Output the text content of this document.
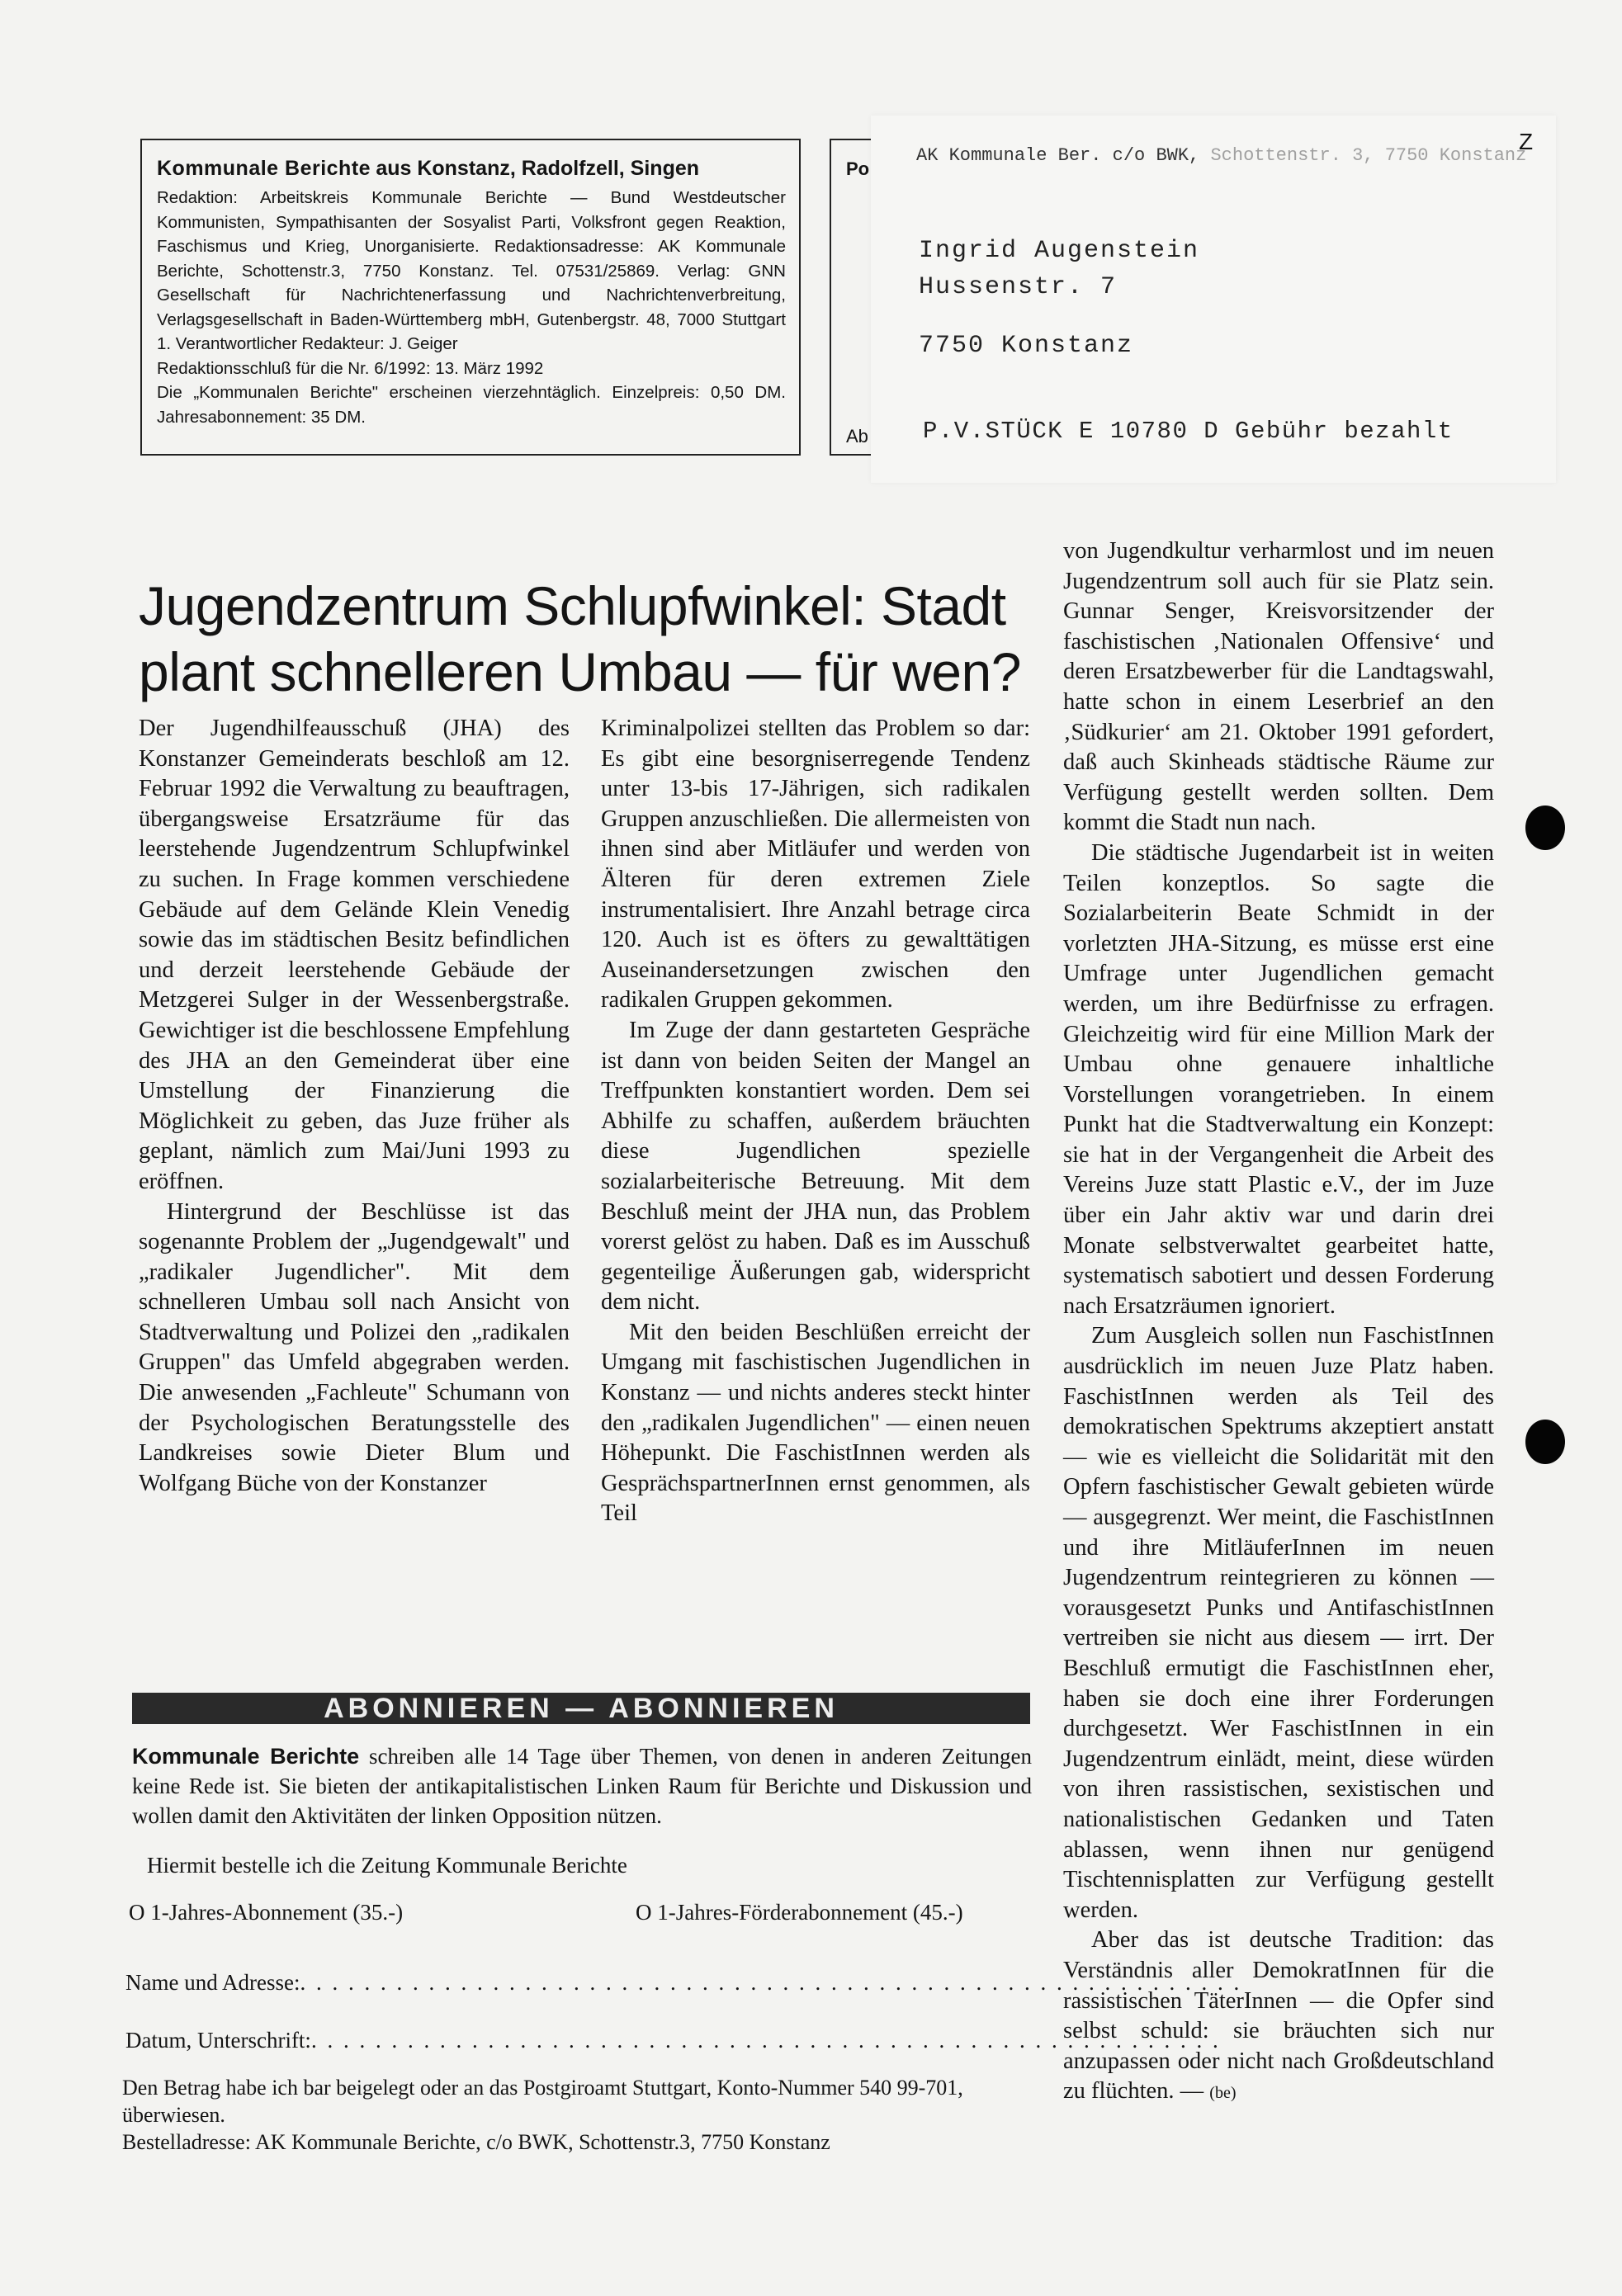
Kommunale Berichte aus Konstanz, Radolfzell, Singen
Redaktion: Arbeitskreis Kommunale Berichte — Bund Westdeutscher Kommunisten, Sympathisanten der Sosyalist Parti, Volksfront gegen Reaktion, Faschismus und Krieg, Unorganisierte. Redaktionsadresse: AK Kommunale Berichte, Schottenstr.3, 7750 Konstanz. Tel. 07531/25869. Verlag: GNN Gesellschaft für Nachrichtenerfassung und Nachrichtenverbreitung, Verlagsgesellschaft in Baden-Württemberg mbH, Gutenbergstr. 48, 7000 Stuttgart 1. Verantwortlicher Redakteur: J. Geiger
Redaktionsschluß für die Nr. 6/1992: 13. März 1992
Die „Kommunalen Berichte" erscheinen vierzehntäglich. Einzelpreis: 0,50 DM. Jahresabonnement: 35 DM.
Po
Ab
AK Kommunale Ber. c/o BWK, Schottenstr. 3, 7750 Konstanz
Z
Ingrid Augenstein
Hussenstr. 7
7750 Konstanz
P.V.STÜCK E 10780 D Gebühr bezahlt
Jugendzentrum Schlupfwinkel: Stadt plant schnelleren Umbau — für wen?

Der Jugendhilfeausschuß (JHA) des Konstanzer Gemeinderats beschloß am 12. Februar 1992 die Verwaltung zu beauftragen, übergangsweise Ersatzräume für das leerstehende Jugendzentrum Schlupfwinkel zu suchen. In Frage kommen verschiedene Gebäude auf dem Gelände Klein Venedig sowie das im städtischen Besitz befindlichen und derzeit leerstehende Gebäude der Metzgerei Sulger in der Wessenbergstraße. Gewichtiger ist die beschlossene Empfehlung des JHA an den Gemeinderat über eine Umstellung der Finanzierung die Möglichkeit zu geben, das Juze früher als geplant, nämlich zum Mai/Juni 1993 zu eröffnen.

Hintergrund der Beschlüsse ist das sogenannte Problem der „Jugendgewalt" und „radikaler Jugendlicher". Mit dem schnelleren Umbau soll nach Ansicht von Stadtverwaltung und Polizei den „radikalen Gruppen" das Umfeld abgegraben werden. Die anwesenden „Fachleute" Schumann von der Psychologischen Beratungsstelle des Landkreises sowie Dieter Blum und Wolfgang Büche von der Konstanzer

Kriminalpolizei stellten das Problem so dar: Es gibt eine besorgniserregende Tendenz unter 13-bis 17-Jährigen, sich radikalen Gruppen anzuschließen. Die allermeisten von ihnen sind aber Mitläufer und werden von Älteren für deren extremen Ziele instrumentalisiert. Ihre Anzahl betrage circa 120. Auch ist es öfters zu gewalttätigen Auseinandersetzungen zwischen den radikalen Gruppen gekommen.

Im Zuge der dann gestarteten Gespräche ist dann von beiden Seiten der Mangel an Treffpunkten konstantiert worden. Dem sei Abhilfe zu schaffen, außerdem bräuchten diese Jugendlichen spezielle sozialarbeiterische Betreuung. Mit dem Beschluß meint der JHA nun, das Problem vorerst gelöst zu haben. Daß es im Ausschuß gegenteilige Äußerungen gab, widerspricht dem nicht.

Mit den beiden Beschlüßen erreicht der Umgang mit faschistischen Jugendlichen in Konstanz — und nichts anderes steckt hinter den „radikalen Jugendlichen" — einen neuen Höhepunkt. Die FaschistInnen werden als GesprächspartnerInnen ernst genommen, als Teil

von Jugendkultur verharmlost und im neuen Jugendzentrum soll auch für sie Platz sein. Gunnar Senger, Kreisvorsitzender der faschistischen ‚Nationalen Offensive‘ und deren Ersatzbewerber für die Landtagswahl, hatte schon in einem Leserbrief an den ‚Südkurier‘ am 21. Oktober 1991 gefordert, daß auch Skinheads städtische Räume zur Verfügung gestellt werden sollten. Dem kommt die Stadt nun nach.

Die städtische Jugendarbeit ist in weiten Teilen konzeptlos. So sagte die Sozialarbeiterin Beate Schmidt in der vorletzten JHA-Sitzung, es müsse erst eine Umfrage unter Jugendlichen gemacht werden, um ihre Bedürfnisse zu erfragen. Gleichzeitig wird für eine Million Mark der Umbau ohne genauere inhaltliche Vorstellungen vorangetrieben. In einem Punkt hat die Stadtverwaltung ein Konzept: sie hat in der Vergangenheit die Arbeit des Vereins Juze statt Plastic e.V., der im Juze über ein Jahr aktiv war und darin drei Monate selbstverwaltet gearbeitet hatte, systematisch sabotiert und dessen Forderung nach Ersatzräumen ignoriert.

Zum Ausgleich sollen nun FaschistInnen ausdrücklich im neuen Juze Platz haben. FaschistInnen werden als Teil des demokratischen Spektrums akzeptiert anstatt — wie es vielleicht die Solidarität mit den Opfern faschistischer Gewalt gebieten würde — ausgegrenzt. Wer meint, die FaschistInnen und ihre MitläuferInnen im neuen Jugendzentrum reintegrieren zu können — vorausgesetzt Punks und AntifaschistInnen vertreiben sie nicht aus diesem — irrt. Der Beschluß ermutigt die FaschistInnen eher, haben sie doch eine ihrer Forderungen durchgesetzt. Wer FaschistInnen in ein Jugendzentrum einlädt, meint, diese würden von ihren rassistischen, sexistischen und nationalistischen Gedanken und Taten ablassen, wenn ihnen nur genügend Tischtennisplatten zur Verfügung gestellt werden.

Aber das ist deutsche Tradition: das Verständnis aller DemokratInnen für die rassistischen TäterInnen — die Opfer sind selbst schuld: sie bräuchten sich nur anzupassen oder nicht nach Großdeutschland zu flüchten. — (be)

ABONNIEREN — ABONNIEREN
Kommunale Berichte schreiben alle 14 Tage über Themen, von denen in anderen Zeitungen keine Rede ist. Sie bieten der antikapitalistischen Linken Raum für Berichte und Diskussion und wollen damit den Aktivitäten der linken Opposition nützen.
Hiermit bestelle ich die Zeitung Kommunale Berichte
O 1-Jahres-Abonnement (35.-)	O 1-Jahres-Förderabonnement (45.-)
Name und Adresse:. . . . . . . . . . . . . . . . . . . . . . . . . . . . . . . . . . . . . . . . . . . . . . . . . . . . . . . . . . .
Datum, Unterschrift:. . . . . . . . . . . . . . . . . . . . . . . . . . . . . . . . . . . . . . . . . . . . . . . . . . . . . . . . .
Den Betrag habe ich bar beigelegt oder an das Postgiroamt Stuttgart, Konto-Nummer 540 99-701, überwiesen.
Bestelladresse: AK Kommunale Berichte, c/o BWK, Schottenstr.3, 7750 Konstanz
